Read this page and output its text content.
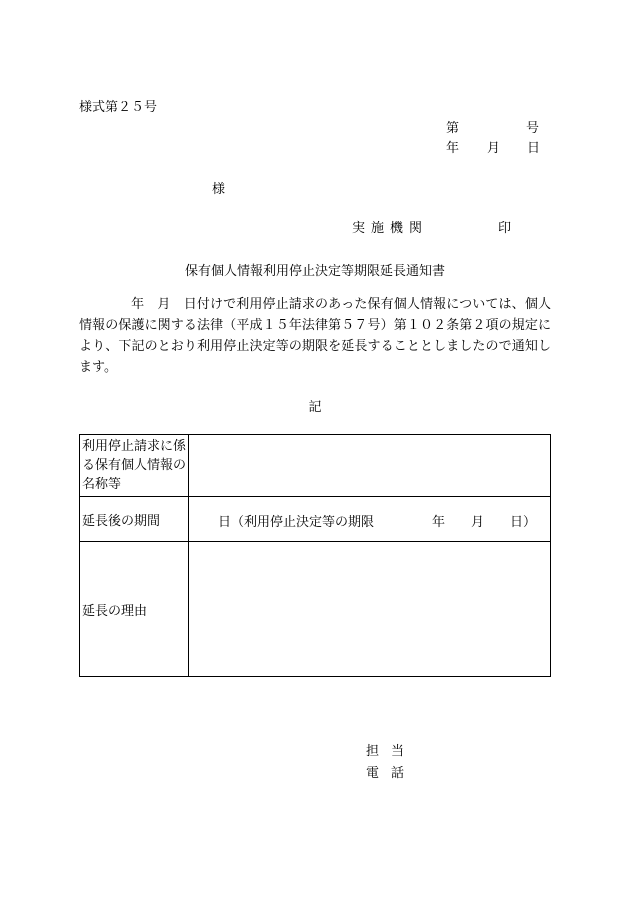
様式第２５号
第	号
年 月 日
様
実施機関	印
保有個人情報利用停止決定等期限延長通知書
年　 月　 日付けで利用停止請求のあった保有個人情報については、個人情報の保護に関する法律（平成１５年法律第５７号）第１０２条第２項の規定により、下記のとおり利用停止決定等の期限を延長することとしましたので通知します。
記
利用停止請求に係る保有個人情報の名称等	
延長後の期間	日（利用停止決定等の期限 年 月 日）

延長の理由	
担当
電話
